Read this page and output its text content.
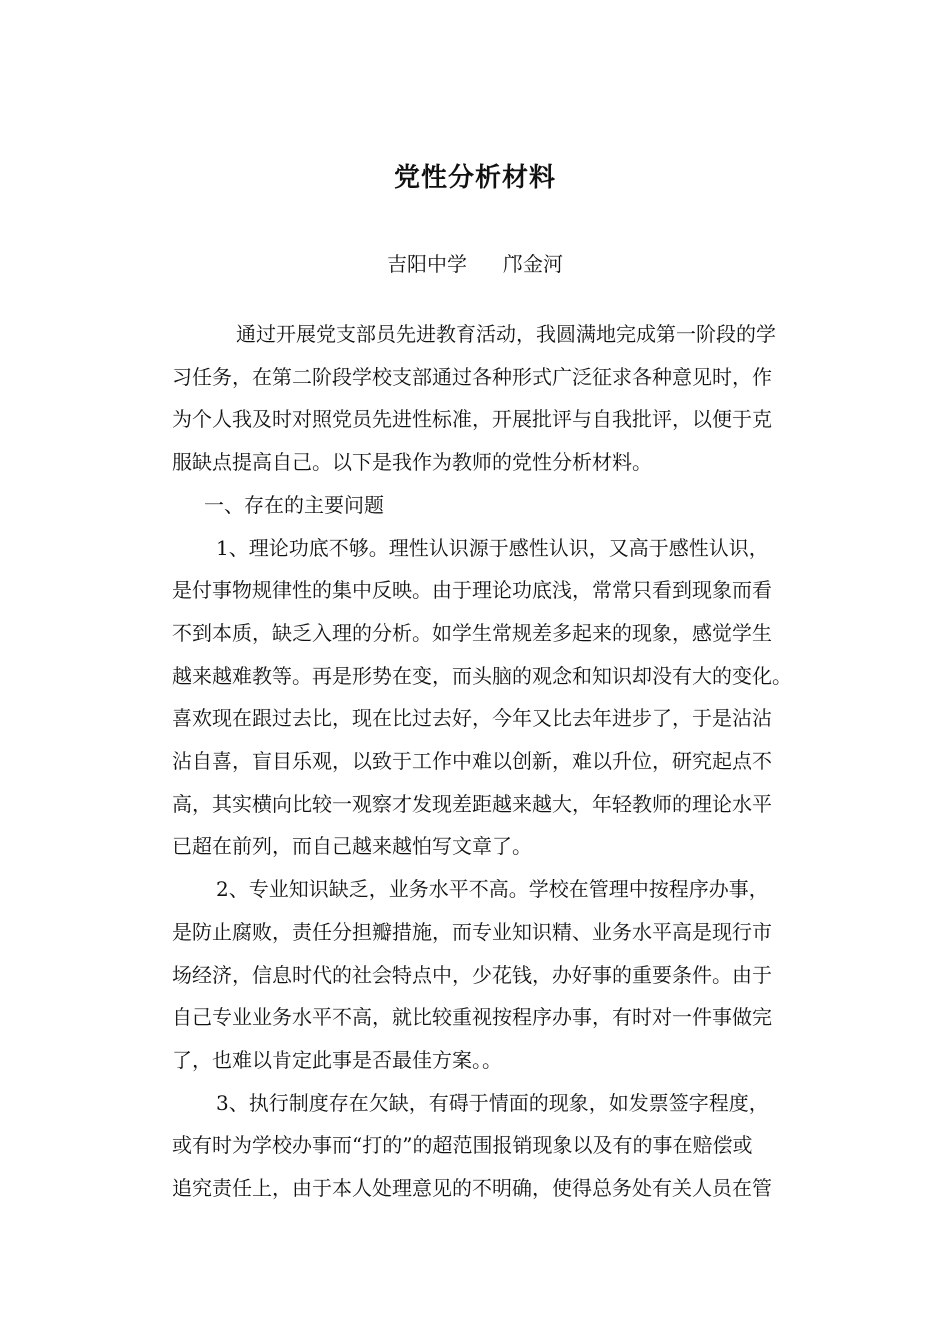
党性分析材料
吉阳中学 邝金河
通过开展党支部员先进教育活动，我圆满地完成第一阶段的学
习任务，在第二阶段学校支部通过各种形式广泛征求各种意见时，作
为个人我及时对照党员先进性标准，开展批评与自我批评，以便于克
服缺点提高自己。以下是我作为教师的党性分析材料。
一、存在的主要问题
1、理论功底不够。理性认识源于感性认识，又高于感性认识，
是付事物规律性的集中反映。由于理论功底浅，常常只看到现象而看
不到本质，缺乏入理的分析。如学生常规差多起来的现象，感觉学生
越来越难教等。再是形势在变，而头脑的观念和知识却没有大的变化。
喜欢现在跟过去比，现在比过去好，今年又比去年进步了，于是沾沾
沾自喜，盲目乐观，以致于工作中难以创新，难以升位，研究起点不
高，其实横向比较一观察才发现差距越来越大，年轻教师的理论水平
已超在前列，而自己越来越怕写文章了。
2、专业知识缺乏，业务水平不高。学校在管理中按程序办事，
是防止腐败，责任分担瓣措施，而专业知识精、业务水平高是现行市
场经济，信息时代的社会特点中，少花钱，办好事的重要条件。由于
自己专业业务水平不高，就比较重视按程序办事，有时对一件事做完
了，也难以肯定此事是否最佳方案。。
3、执行制度存在欠缺，有碍于情面的现象，如发票签字程度，
或有时为学校办事而“打的”的超范围报销现象以及有的事在赔偿或
追究责任上，由于本人处理意见的不明确，使得总务处有关人员在管
